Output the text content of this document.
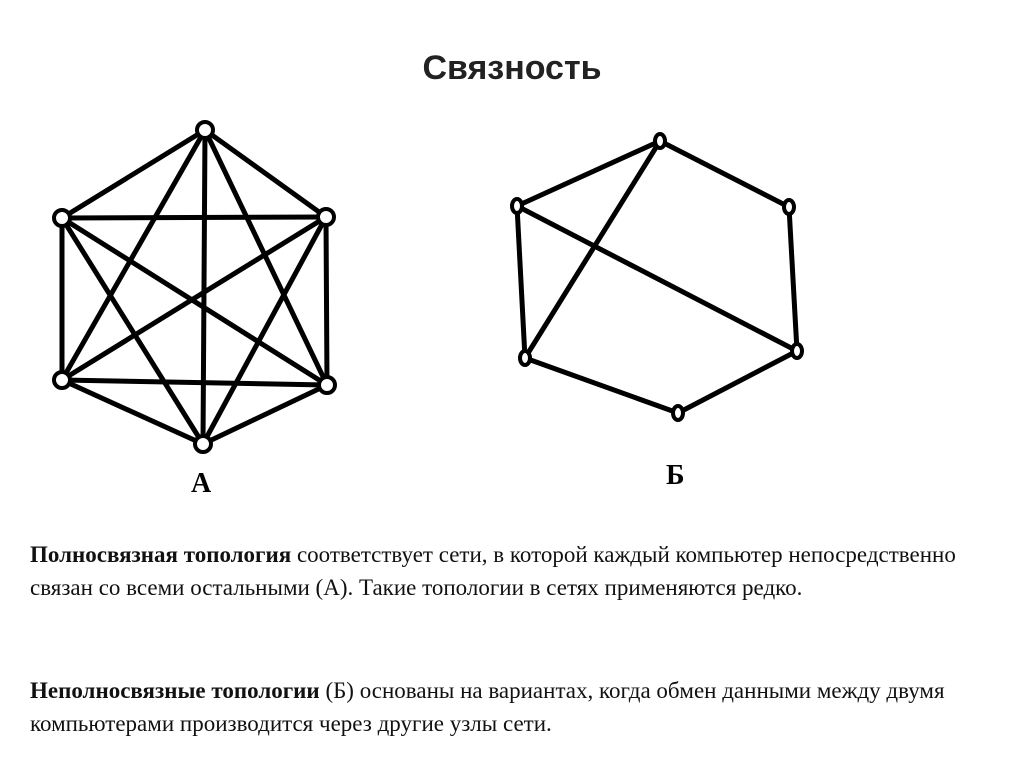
Связность
А	Б
Полносвязная топология соответствует сети, в которой каждый компьютер непосредственно связан со всеми остальными (А). Такие топологии в сетях применяются редко.
Неполносвязные топологии (Б) основаны на вариантах, когда обмен данными между двумя компьютерами производится через другие узлы сети.
